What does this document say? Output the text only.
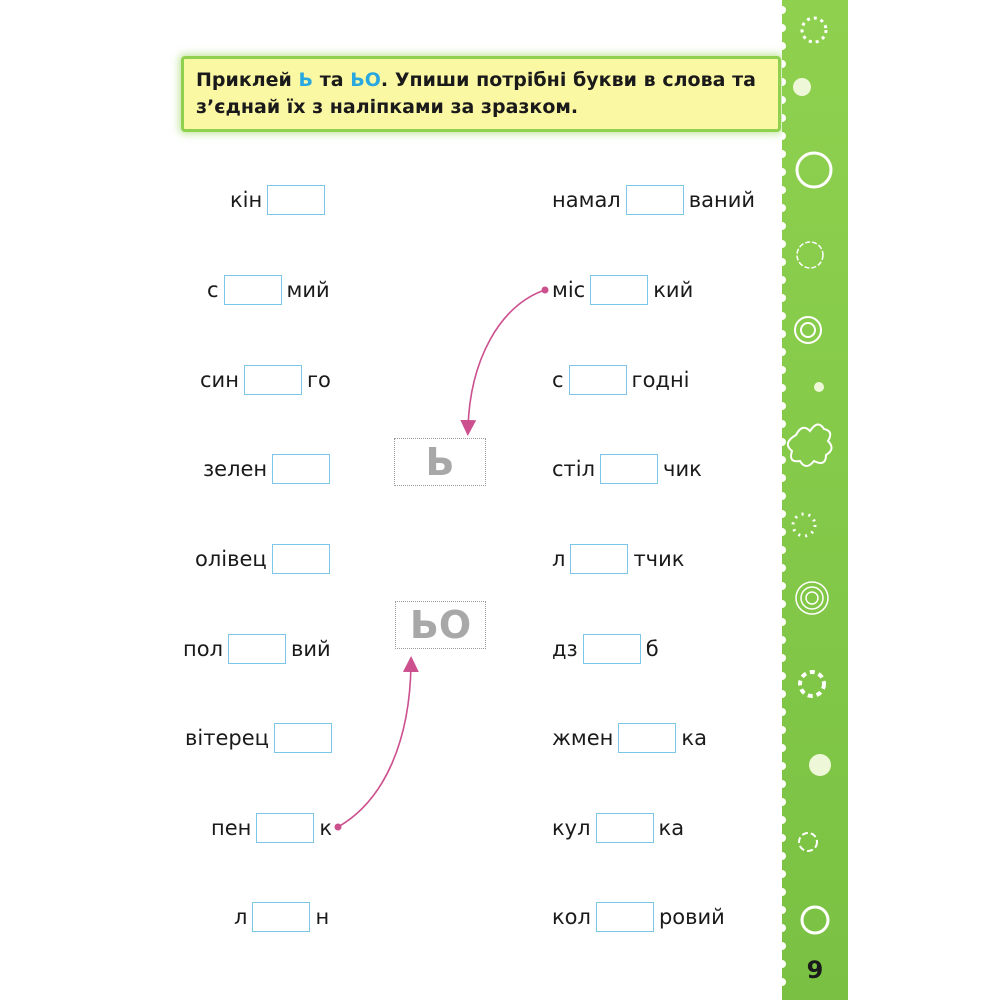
Приклей Ь та ЬО. Упиши потрібні букви в слова та з’єднай їх з наліпками за зразком.
кін
с	мий
син	го
зелен
олівец
пол	вий
вітерец
пен	к
л	н
намал	ваний
міс	кий
с	годні
стіл	чик
л	тчик
дз	б
жмен	ка
кул	ка
кол	ровий
Ь
ЬО
9
